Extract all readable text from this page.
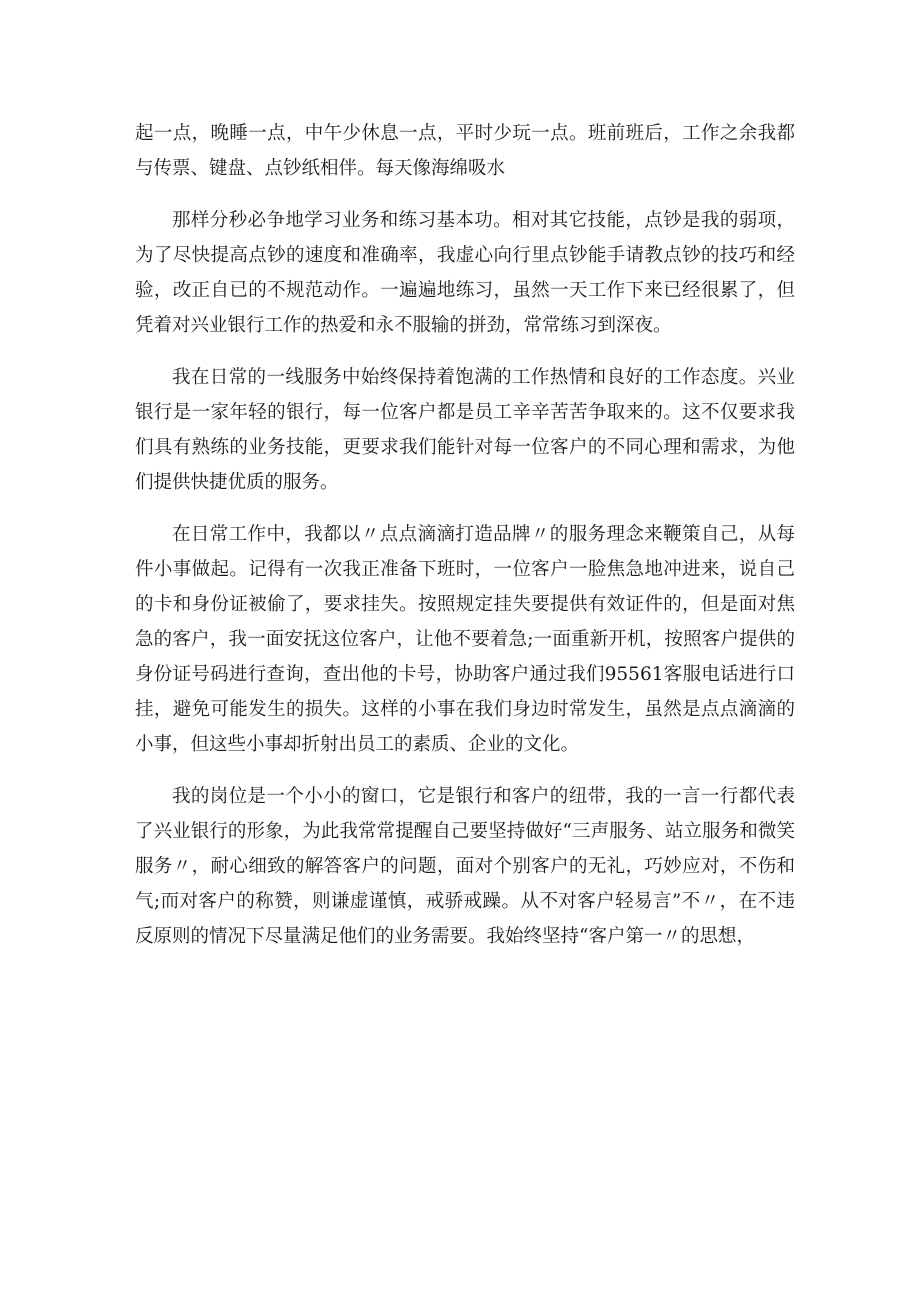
起一点，晚睡一点，中午少休息一点，平时少玩一点。班前班后，工作之余我都与传票、键盘、点钞纸相伴。每天像海绵吸水

那样分秒必争地学习业务和练习基本功。相对其它技能，点钞是我的弱项，为了尽快提高点钞的速度和准确率，我虚心向行里点钞能手请教点钞的技巧和经验，改正自已的不规范动作。一遍遍地练习，虽然一天工作下来已经很累了，但凭着对兴业银行工作的热爱和永不服输的拼劲，常常练习到深夜。

我在日常的一线服务中始终保持着饱满的工作热情和良好的工作态度。兴业银行是一家年轻的银行，每一位客户都是员工辛辛苦苦争取来的。这不仅要求我们具有熟练的业务技能，更要求我们能针对每一位客户的不同心理和需求，为他们提供快捷优质的服务。

在日常工作中，我都以〃点点滴滴打造品牌〃的服务理念来鞭策自己，从每件小事做起。记得有一次我正准备下班时，一位客户一脸焦急地冲进来，说自己的卡和身份证被偷了，要求挂失。按照规定挂失要提供有效证件的，但是面对焦急的客户，我一面安抚这位客户，让他不要着急;一面重新开机，按照客户提供的身份证号码进行查询，查出他的卡号，协助客户通过我们95561客服电话进行口挂，避免可能发生的损失。这样的小事在我们身边时常发生，虽然是点点滴滴的小事，但这些小事却折射出员工的素质、企业的文化。

我的岗位是一个小小的窗口，它是银行和客户的纽带，我的一言一行都代表了兴业银行的形象，为此我常常提醒自己要坚持做好“三声服务、站立服务和微笑服务〃，耐心细致的解答客户的问题，面对个别客户的无礼，巧妙应对，不伤和气;而对客户的称赞，则谦虚谨慎，戒骄戒躁。从不对客户轻易言”不〃，在不违反原则的情况下尽量满足他们的业务需要。我始终坚持“客户第一〃的思想，
